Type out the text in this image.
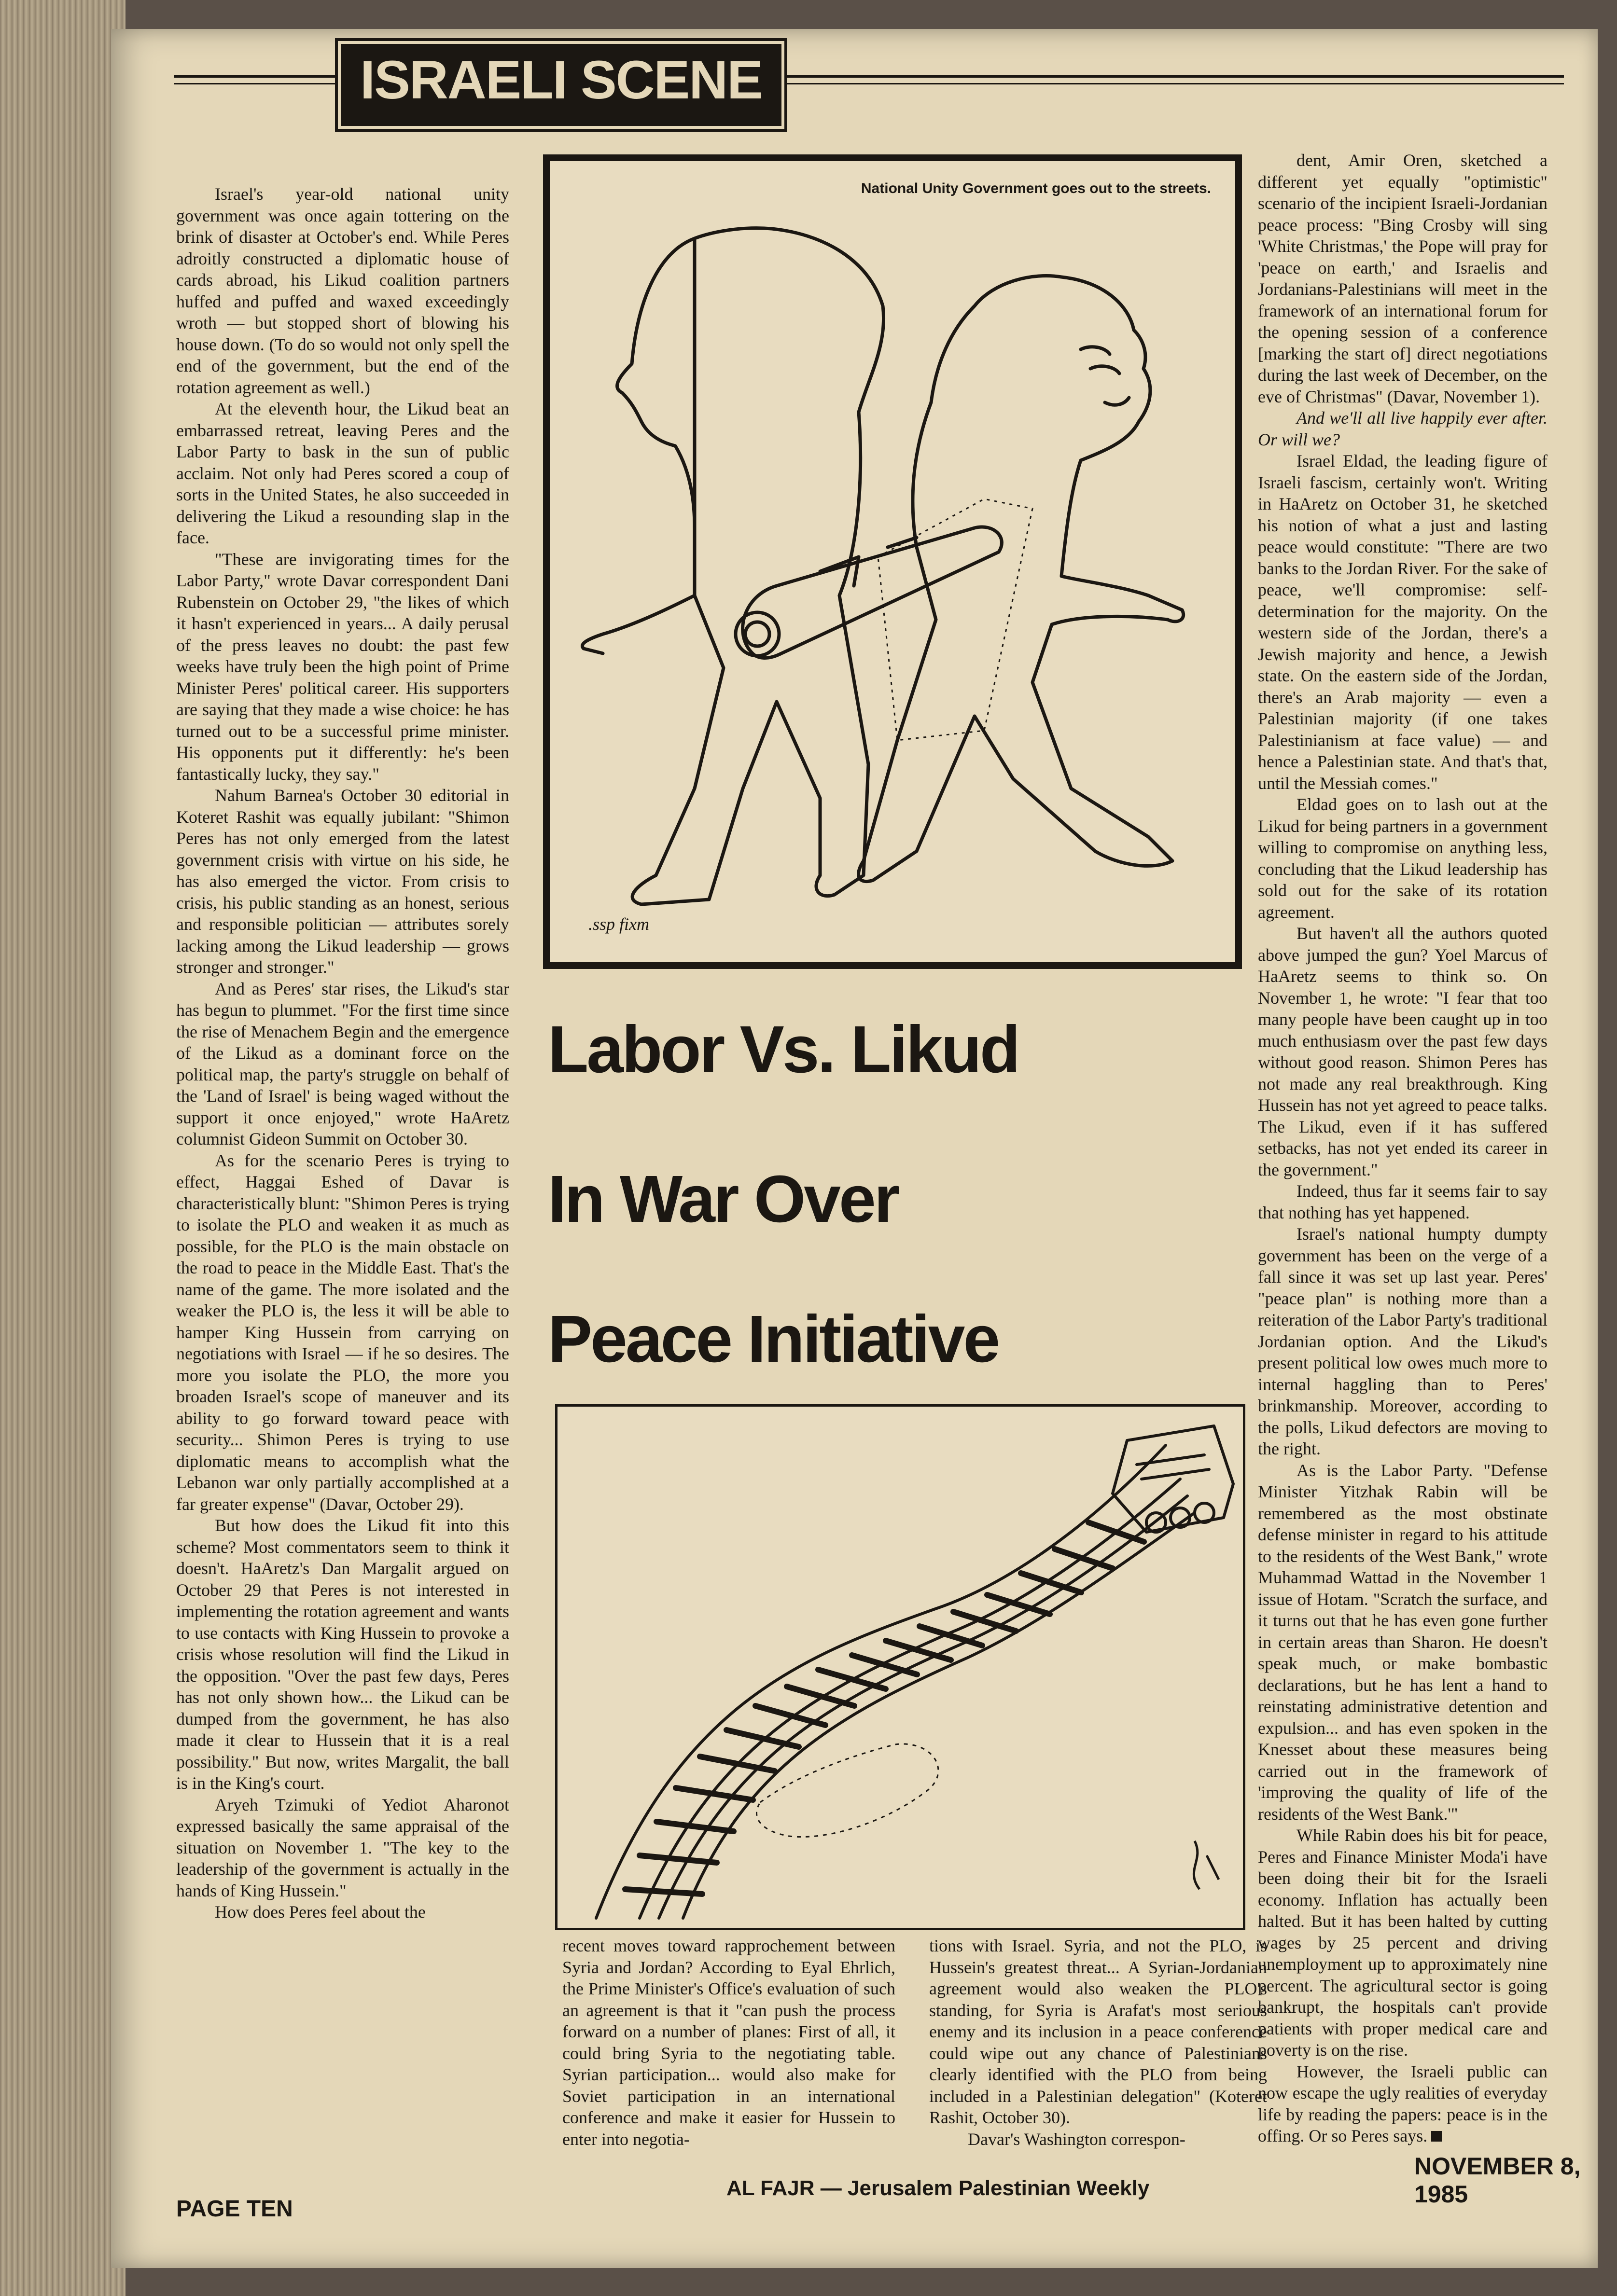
ISRAELI SCENE

Israel's year-old national unity government was once again tottering on the brink of disaster at October's end. While Peres adroitly constructed a diplomatic house of cards abroad, his Likud coalition partners huffed and puffed and waxed exceedingly wroth — but stopped short of blowing his house down. (To do so would not only spell the end of the government, but the end of the rotation agreement as well.)

At the eleventh hour, the Likud beat an embarrassed retreat, leaving Peres and the Labor Party to bask in the sun of public acclaim. Not only had Peres scored a coup of sorts in the United States, he also succeeded in delivering the Likud a resounding slap in the face.

"These are invigorating times for the Labor Party," wrote Davar correspondent Dani Rubenstein on October 29, "the likes of which it hasn't experienced in years... A daily perusal of the press leaves no doubt: the past few weeks have truly been the high point of Prime Minister Peres' political career. His supporters are saying that they made a wise choice: he has turned out to be a successful prime minister. His opponents put it differently: he's been fantastically lucky, they say."

Nahum Barnea's October 30 editorial in Koteret Rashit was equally jubilant: "Shimon Peres has not only emerged from the latest government crisis with virtue on his side, he has also emerged the victor. From crisis to crisis, his public standing as an honest, serious and responsible politician — attributes sorely lacking among the Likud leadership — grows stronger and stronger."

And as Peres' star rises, the Likud's star has begun to plummet. "For the first time since the rise of Menachem Begin and the emergence of the Likud as a dominant force on the political map, the party's struggle on behalf of the 'Land of Israel' is being waged without the support it once enjoyed," wrote HaAretz columnist Gideon Summit on October 30.

As for the scenario Peres is trying to effect, Haggai Eshed of Davar is characteristically blunt: "Shimon Peres is trying to isolate the PLO and weaken it as much as possible, for the PLO is the main obstacle on the road to peace in the Middle East. That's the name of the game. The more isolated and the weaker the PLO is, the less it will be able to hamper King Hussein from carrying on negotiations with Israel — if he so desires. The more you isolate the PLO, the more you broaden Israel's scope of maneuver and its ability to go forward toward peace with security... Shimon Peres is trying to use diplomatic means to accomplish what the Lebanon war only partially accomplished at a far greater expense" (Davar, October 29).

But how does the Likud fit into this scheme? Most commentators seem to think it doesn't. HaAretz's Dan Margalit argued on October 29 that Peres is not interested in implementing the rotation agreement and wants to use contacts with King Hussein to provoke a crisis whose resolution will find the Likud in the opposition. "Over the past few days, Peres has not only shown how... the Likud can be dumped from the government, he has also made it clear to Hussein that it is a real possibility." But now, writes Margalit, the ball is in the King's court.

Aryeh Tzimuki of Yediot Aharonot expressed basically the same appraisal of the situation on November 1. "The key to the leadership of the government is actually in the hands of King Hussein."

How does Peres feel about the

National Unity Government goes out to the streets.
.ssp fixm
Labor Vs. Likud
In War Over
Peace Initiative

recent moves toward rapprochement between Syria and Jordan? According to Eyal Ehrlich, the Prime Minister's Office's evaluation of such an agreement is that it "can push the process forward on a number of planes: First of all, it could bring Syria to the negotiating table. Syrian participation... would also make for Soviet participation in an international conference and make it easier for Hussein to enter into negotia-

tions with Israel. Syria, and not the PLO, is Hussein's greatest threat... A Syrian-Jordanian agreement would also weaken the PLO's standing, for Syria is Arafat's most serious enemy and its inclusion in a peace conference could wipe out any chance of Palestinians clearly identified with the PLO from being included in a Palestinian delegation" (Koteret Rashit, October 30).

Davar's Washington correspon-

dent, Amir Oren, sketched a different yet equally "optimistic" scenario of the incipient Israeli-Jordanian peace process: "Bing Crosby will sing 'White Christmas,' the Pope will pray for 'peace on earth,' and Israelis and Jordanians-Palestinians will meet in the framework of an international forum for the opening session of a conference [marking the start of] direct negotiations during the last week of December, on the eve of Christmas" (Davar, November 1).

And we'll all live happily ever after. Or will we?

Israel Eldad, the leading figure of Israeli fascism, certainly won't. Writing in HaAretz on October 31, he sketched his notion of what a just and lasting peace would constitute: "There are two banks to the Jordan River. For the sake of peace, we'll compromise: self-determination for the majority. On the western side of the Jordan, there's a Jewish majority and hence, a Jewish state. On the eastern side of the Jordan, there's an Arab majority — even a Palestinian majority (if one takes Palestinianism at face value) — and hence a Palestinian state. And that's that, until the Messiah comes."

Eldad goes on to lash out at the Likud for being partners in a government willing to compromise on anything less, concluding that the Likud leadership has sold out for the sake of its rotation agreement.

But haven't all the authors quoted above jumped the gun? Yoel Marcus of HaAretz seems to think so. On November 1, he wrote: "I fear that too many people have been caught up in too much enthusiasm over the past few days without good reason. Shimon Peres has not made any real breakthrough. King Hussein has not yet agreed to peace talks. The Likud, even if it has suffered setbacks, has not yet ended its career in the government."

Indeed, thus far it seems fair to say that nothing has yet happened.

Israel's national humpty dumpty government has been on the verge of a fall since it was set up last year. Peres' "peace plan" is nothing more than a reiteration of the Labor Party's traditional Jordanian option. And the Likud's present political low owes much more to internal haggling than to Peres' brinkmanship. Moreover, according to the polls, Likud defectors are moving to the right.

As is the Labor Party. "Defense Minister Yitzhak Rabin will be remembered as the most obstinate defense minister in regard to his attitude to the residents of the West Bank," wrote Muhammad Wattad in the November 1 issue of Hotam. "Scratch the surface, and it turns out that he has even gone further in certain areas than Sharon. He doesn't speak much, or make bombastic declarations, but he has lent a hand to reinstating administrative detention and expulsion... and has even spoken in the Knesset about these measures being carried out in the framework of 'improving the quality of life of the residents of the West Bank.'"

While Rabin does his bit for peace, Peres and Finance Minister Moda'i have been doing their bit for the Israeli economy. Inflation has actually been halted. But it has been halted by cutting wages by 25 percent and driving unemployment up to approximately nine percent. The agricultural sector is going bankrupt, the hospitals can't provide patients with proper medical care and poverty is on the rise.

However, the Israeli public can now escape the ugly realities of everyday life by reading the papers: peace is in the offing. Or so Peres says.

PAGE TEN
AL FAJR — Jerusalem Palestinian Weekly
NOVEMBER 8, 1985
